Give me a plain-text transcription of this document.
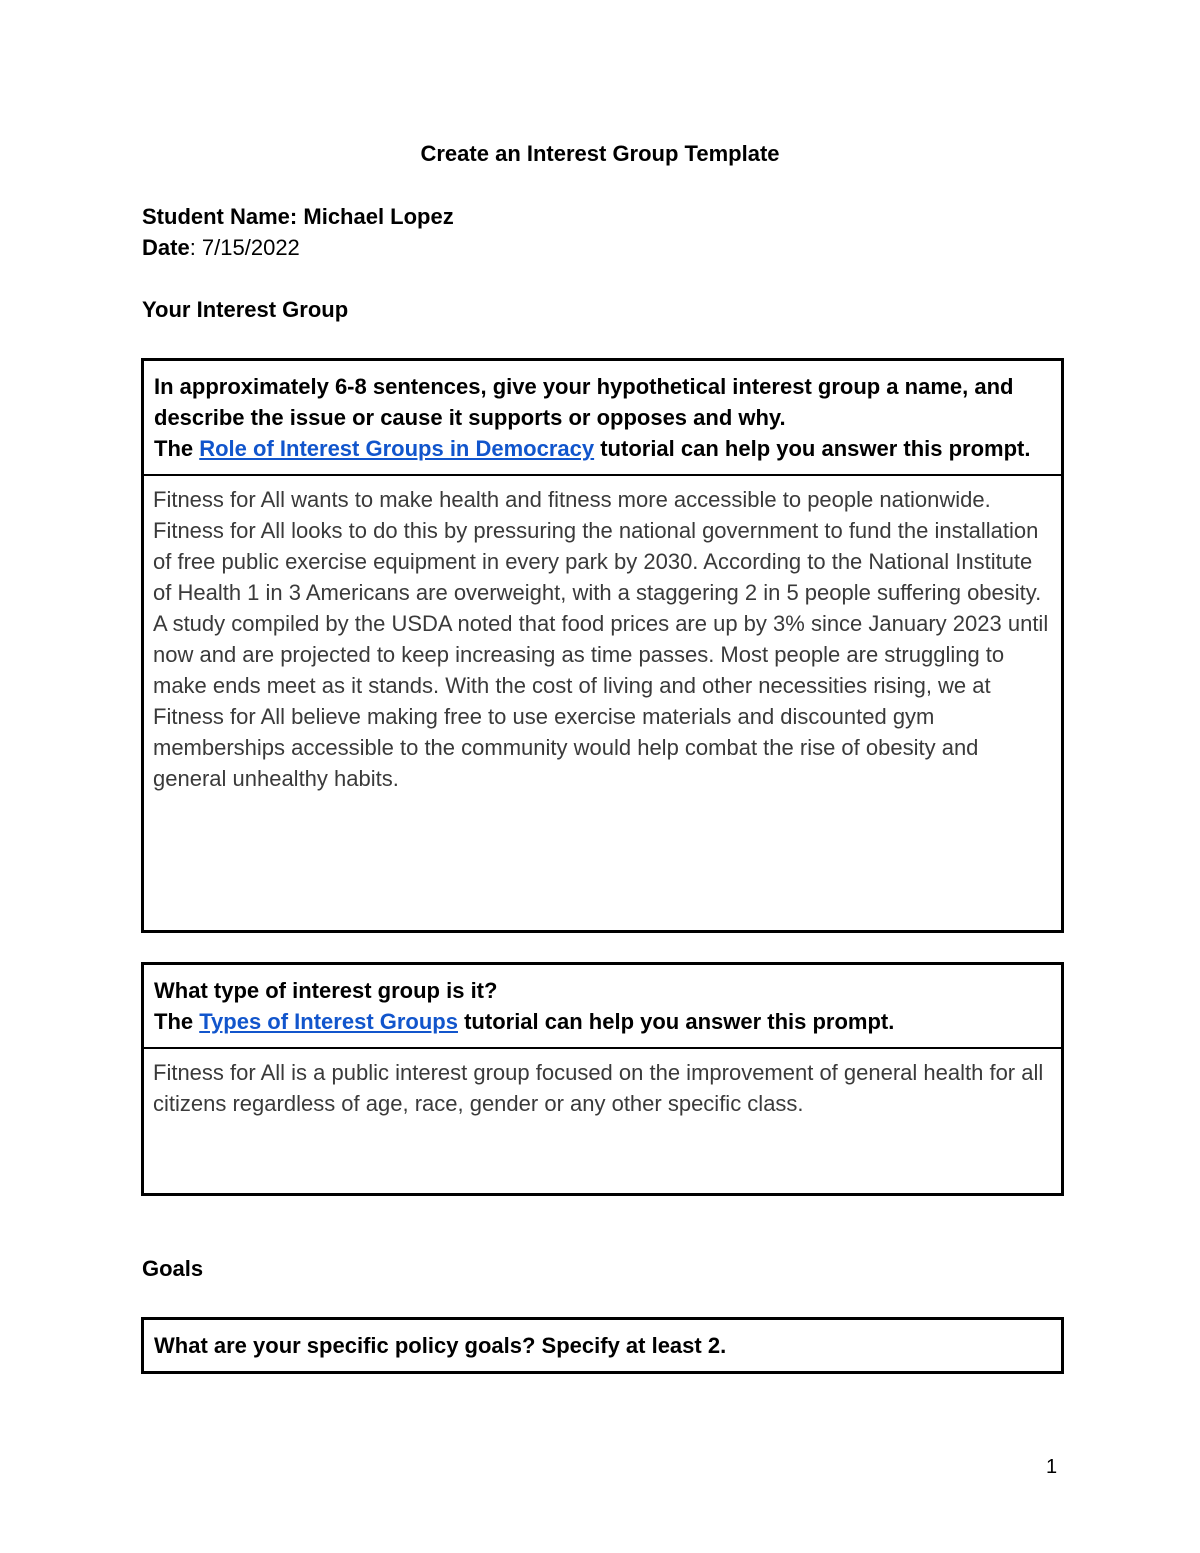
Create an Interest Group Template
Student Name: Michael Lopez
Date: 7/15/2022
Your Interest Group
In approximately 6-8 sentences, give your hypothetical interest group a name, and describe the issue or cause it supports or opposes and why.
The Role of Interest Groups in Democracy tutorial can help you answer this prompt.
Fitness for All wants to make health and fitness more accessible to people nationwide. Fitness for All looks to do this by pressuring the national government to fund the installation of free public exercise equipment in every park by 2030. According to the National Institute of Health 1 in 3 Americans are overweight, with a staggering 2 in 5 people suffering obesity. A study compiled by the USDA noted that food prices are up by 3% since January 2023 until now and are projected to keep increasing as time passes. Most people are struggling to make ends meet as it stands. With the cost of living and other necessities rising, we at Fitness for All believe making free to use exercise materials and discounted gym memberships accessible to the community would help combat the rise of obesity and general unhealthy habits.
What type of interest group is it?
The Types of Interest Groups tutorial can help you answer this prompt.
Fitness for All is a public interest group focused on the improvement of general health for all citizens regardless of age, race, gender or any other specific class.
Goals
What are your specific policy goals? Specify at least 2.
1
